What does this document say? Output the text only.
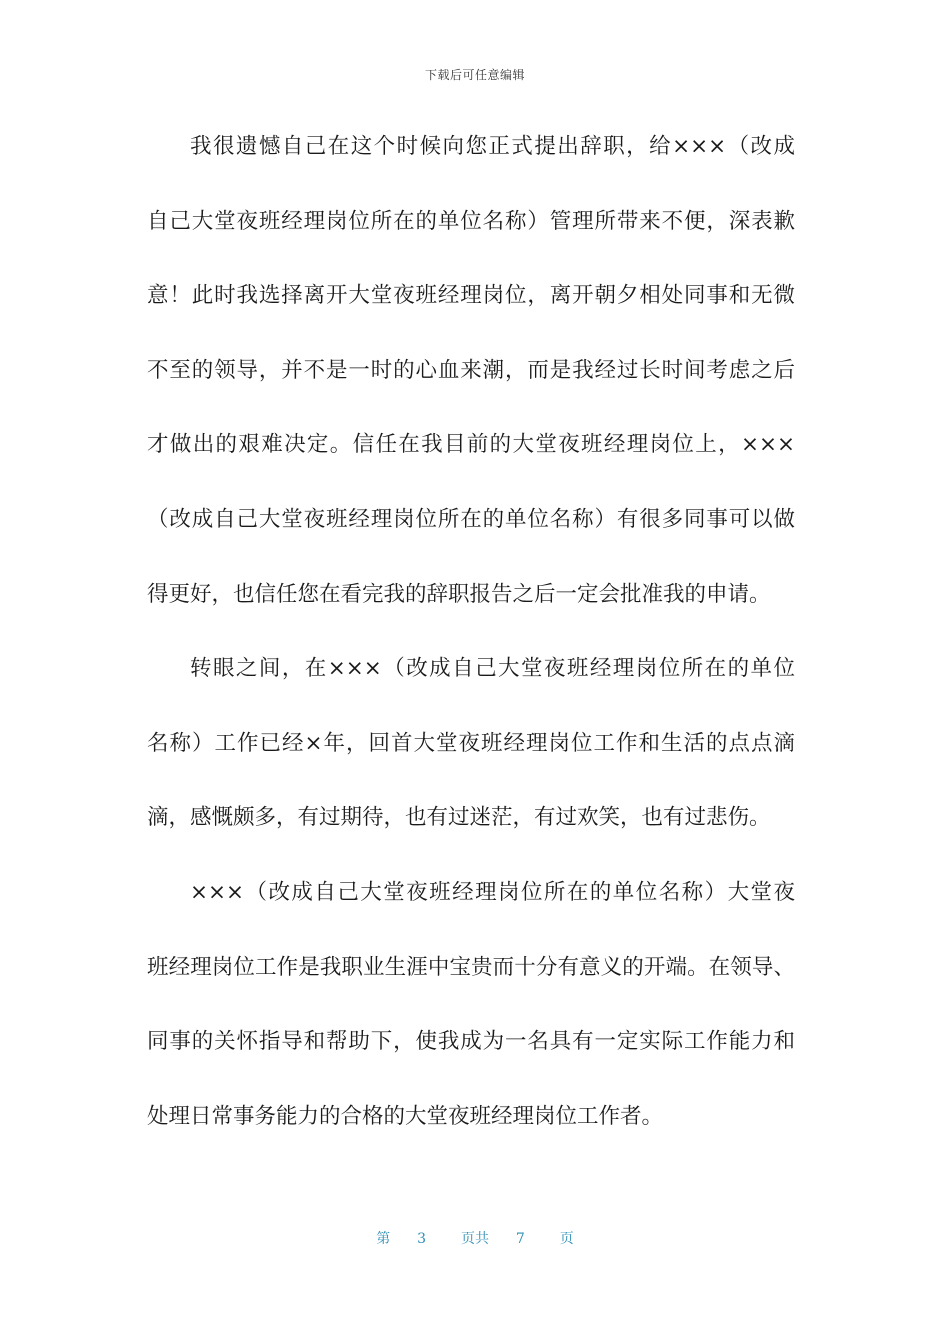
下载后可任意编辑
我很遗憾自己在这个时候向您正式提出辞职，给×××（改成
自己大堂夜班经理岗位所在的单位名称）管理所带来不便，深表歉
意！此时我选择离开大堂夜班经理岗位，离开朝夕相处同事和无微
不至的领导，并不是一时的心血来潮，而是我经过长时间考虑之后
才做出的艰难决定。信任在我目前的大堂夜班经理岗位上，×××
（改成自己大堂夜班经理岗位所在的单位名称）有很多同事可以做
得更好，也信任您在看完我的辞职报告之后一定会批准我的申请。
转眼之间，在×××（改成自己大堂夜班经理岗位所在的单位
名称）工作已经×年，回首大堂夜班经理岗位工作和生活的点点滴
滴，感慨颇多，有过期待，也有过迷茫，有过欢笑，也有过悲伤。
×××（改成自己大堂夜班经理岗位所在的单位名称）大堂夜
班经理岗位工作是我职业生涯中宝贵而十分有意义的开端。在领导、
同事的关怀指导和帮助下，使我成为一名具有一定实际工作能力和
处理日常事务能力的合格的大堂夜班经理岗位工作者。
第 3 页共 7 页
